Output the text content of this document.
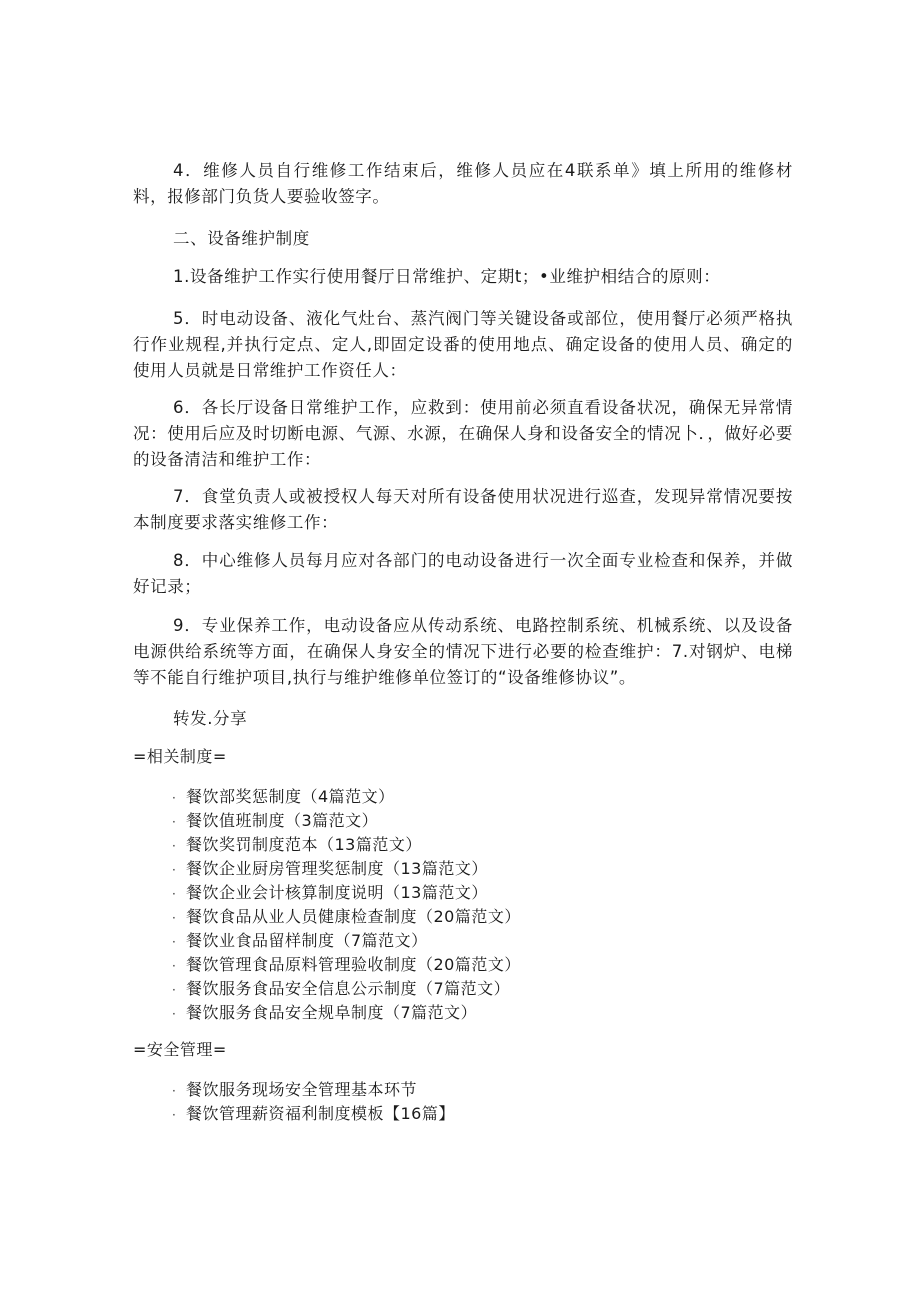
4．维修人员自行维修工作结束后，维修人员应在4联系单》填上所用的维修材料，报修部门负货人要验收签字。

二、设备维护制度

1.设备维护工作实行使用餐厅日常维护、定期t；•业维护相结合的原则：

5．时电动设备、液化气灶台、蒸汽阀门等关键设备或部位，使用餐厅必须严格执行作业规程,并执行定点、定人,即固定设番的使用地点、确定设备的使用人员、确定的使用人员就是日常维护工作资任人：

6．各长厅设备日常维护工作，应救到：使用前必须直看设备状况，确保无异常情况：使用后应及时切断电源、气源、水源，在确保人身和设备安全的情况卜．，做好必要的设备清洁和维护工作：

7．食堂负责人或被授权人每天对所有设备使用状况进行巡查，发现异常情况要按本制度要求落实维修工作：

8．中心维修人员每月应对各部门的电动设备进行一次全面专业检查和保养，并做好记录；

9．专业保养工作，电动设备应从传动系统、电路控制系统、机械系统、以及设备电源供给系统等方面，在确保人身安全的情况下进行必要的检查维护：7.对钢炉、电梯等不能自行维护项目,执行与维护维修单位签订的“设备维修协议”。

转发.分享

=相关制度=

· 餐饮部奖惩制度（4篇范文）
· 餐饮值班制度（3篇范文）
· 餐饮奖罚制度范本（13篇范文）
· 餐饮企业厨房管理奖惩制度（13篇范文）
· 餐饮企业会计核算制度说明（13篇范文）
· 餐饮食品从业人员健康检查制度（20篇范文）
· 餐饮业食品留样制度（7篇范文）
· 餐饮管理食品原料管理验收制度（20篇范文）
· 餐饮服务食品安全信息公示制度（7篇范文）
· 餐饮服务食品安全规阜制度（7篇范文）

=安全管理=

· 餐饮服务现场安全管理基本环节
· 餐饮管理薪资福利制度模板【16篇】
